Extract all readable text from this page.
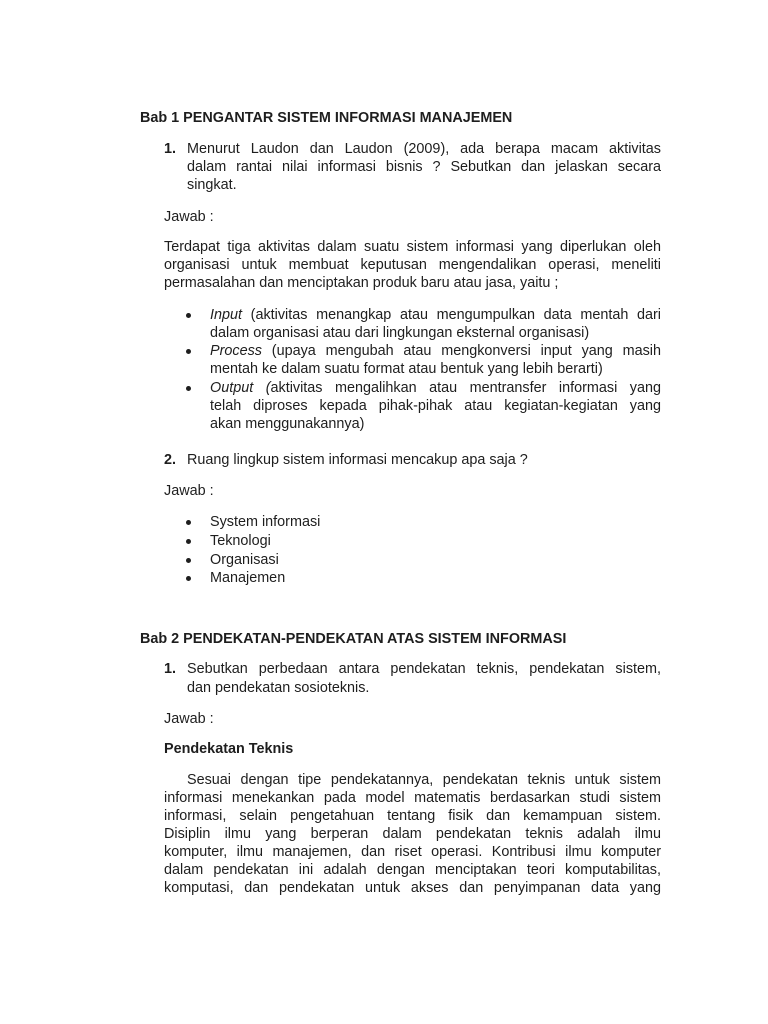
Bab 1 PENGANTAR SISTEM INFORMASI MANAJEMEN
1. Menurut Laudon dan Laudon (2009), ada berapa macam aktivitas
dalam rantai nilai informasi bisnis ? Sebutkan dan jelaskan secara
singkat.
Jawab :
Terdapat tiga aktivitas dalam suatu sistem informasi yang diperlukan oleh
organisasi untuk membuat keputusan mengendalikan operasi, meneliti
permasalahan dan menciptakan produk baru atau jasa, yaitu ;
Input (aktivitas menangkap atau mengumpulkan data mentah dari
dalam organisasi atau dari lingkungan eksternal organisasi)
Process (upaya mengubah atau mengkonversi input yang masih
mentah ke dalam suatu format atau bentuk yang lebih berarti)
Output (aktivitas mengalihkan atau mentransfer informasi yang
telah diproses kepada pihak-pihak atau kegiatan-kegiatan yang
akan menggunakannya)
2. Ruang lingkup sistem informasi mencakup apa saja ?
Jawab :
System informasi
Teknologi
Organisasi
Manajemen
Bab 2 PENDEKATAN-PENDEKATAN ATAS SISTEM INFORMASI
1. Sebutkan perbedaan antara pendekatan teknis, pendekatan sistem,
dan pendekatan sosioteknis.
Jawab :
Pendekatan Teknis
Sesuai dengan tipe pendekatannya, pendekatan teknis untuk sistem
informasi menekankan pada model matematis berdasarkan studi sistem
informasi, selain pengetahuan tentang fisik dan kemampuan sistem.
Disiplin ilmu yang berperan dalam pendekatan teknis adalah ilmu
komputer, ilmu manajemen, dan riset operasi. Kontribusi ilmu komputer
dalam pendekatan ini adalah dengan menciptakan teori komputabilitas,
komputasi, dan pendekatan untuk akses dan penyimpanan data yang
